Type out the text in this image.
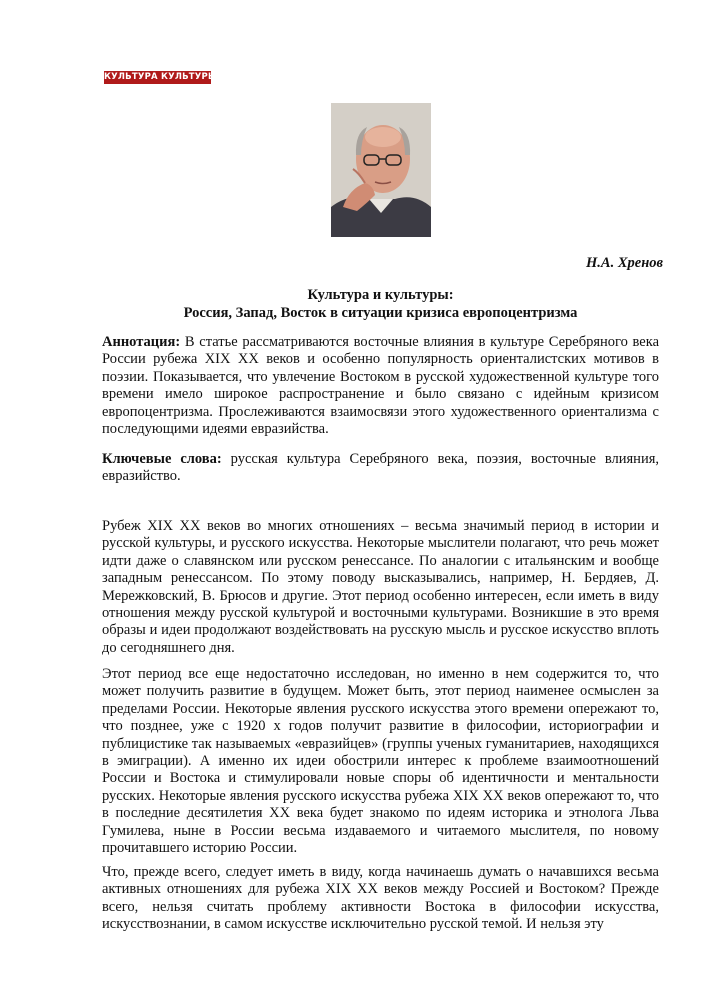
КУЛЬТУРА КУЛЬТУРЫ. 2014
Н.А. Хренов
Культура и культуры:
Россия, Запад, Восток в ситуации кризиса европоцентризма
Аннотация: В статье рассматриваются восточные влияния в культуре Серебряного века России рубежа XIX XX веков и особенно популярность ориенталистских мотивов в поэзии. Показывается, что увлечение Востоком в русской художественной культуре того времени имело широкое распространение и было связано с идейным кризисом европоцентризма. Прослеживаются взаимосвязи этого художественного ориентализма с последующими идеями евразийства.
Ключевые слова: русская культура Серебряного века, поэзия, восточные влияния, евразийство.
Рубеж XIX XX веков во многих отношениях – весьма значимый период в истории и русской культуры, и русского искусства. Некоторые мыслители полагают, что речь может идти даже о славянском или русском ренессансе. По аналогии с итальянским и вообще западным ренессансом. По этому поводу высказывались, например, Н. Бердяев, Д. Мережковский, В. Брюсов и другие. Этот период особенно интересен, если иметь в виду отношения между русской культурой и восточными культурами. Возникшие в это время образы и идеи продолжают воздействовать на русскую мысль и русское искусство вплоть до сегодняшнего дня.
Этот период все еще недостаточно исследован, но именно в нем содержится то, что может получить развитие в будущем. Может быть, этот период наименее осмыслен за пределами России. Некоторые явления русского искусства этого времени опережают то, что позднее, уже с 1920 х годов получит развитие в философии, историографии и публицистике так называемых «евразийцев» (группы ученых гуманитариев, находящихся в эмиграции). А именно их идеи обострили интерес к проблеме взаимоотношений России и Востока и стимулировали новые споры об идентичности и ментальности русских. Некоторые явления русского искусства рубежа XIX XX веков опережают то, что в последние десятилетия XX века будет знакомо по идеям историка и этнолога Льва Гумилева, ныне в России весьма издаваемого и читаемого мыслителя, по новому прочитавшего историю России.
Что, прежде всего, следует иметь в виду, когда начинаешь думать о начавшихся весьма активных отношениях для рубежа XIX XX веков между Россией и Востоком? Прежде всего, нельзя считать проблему активности Востока в философии искусства, искусствознании, в самом искусстве исключительно русской темой. И нельзя эту
